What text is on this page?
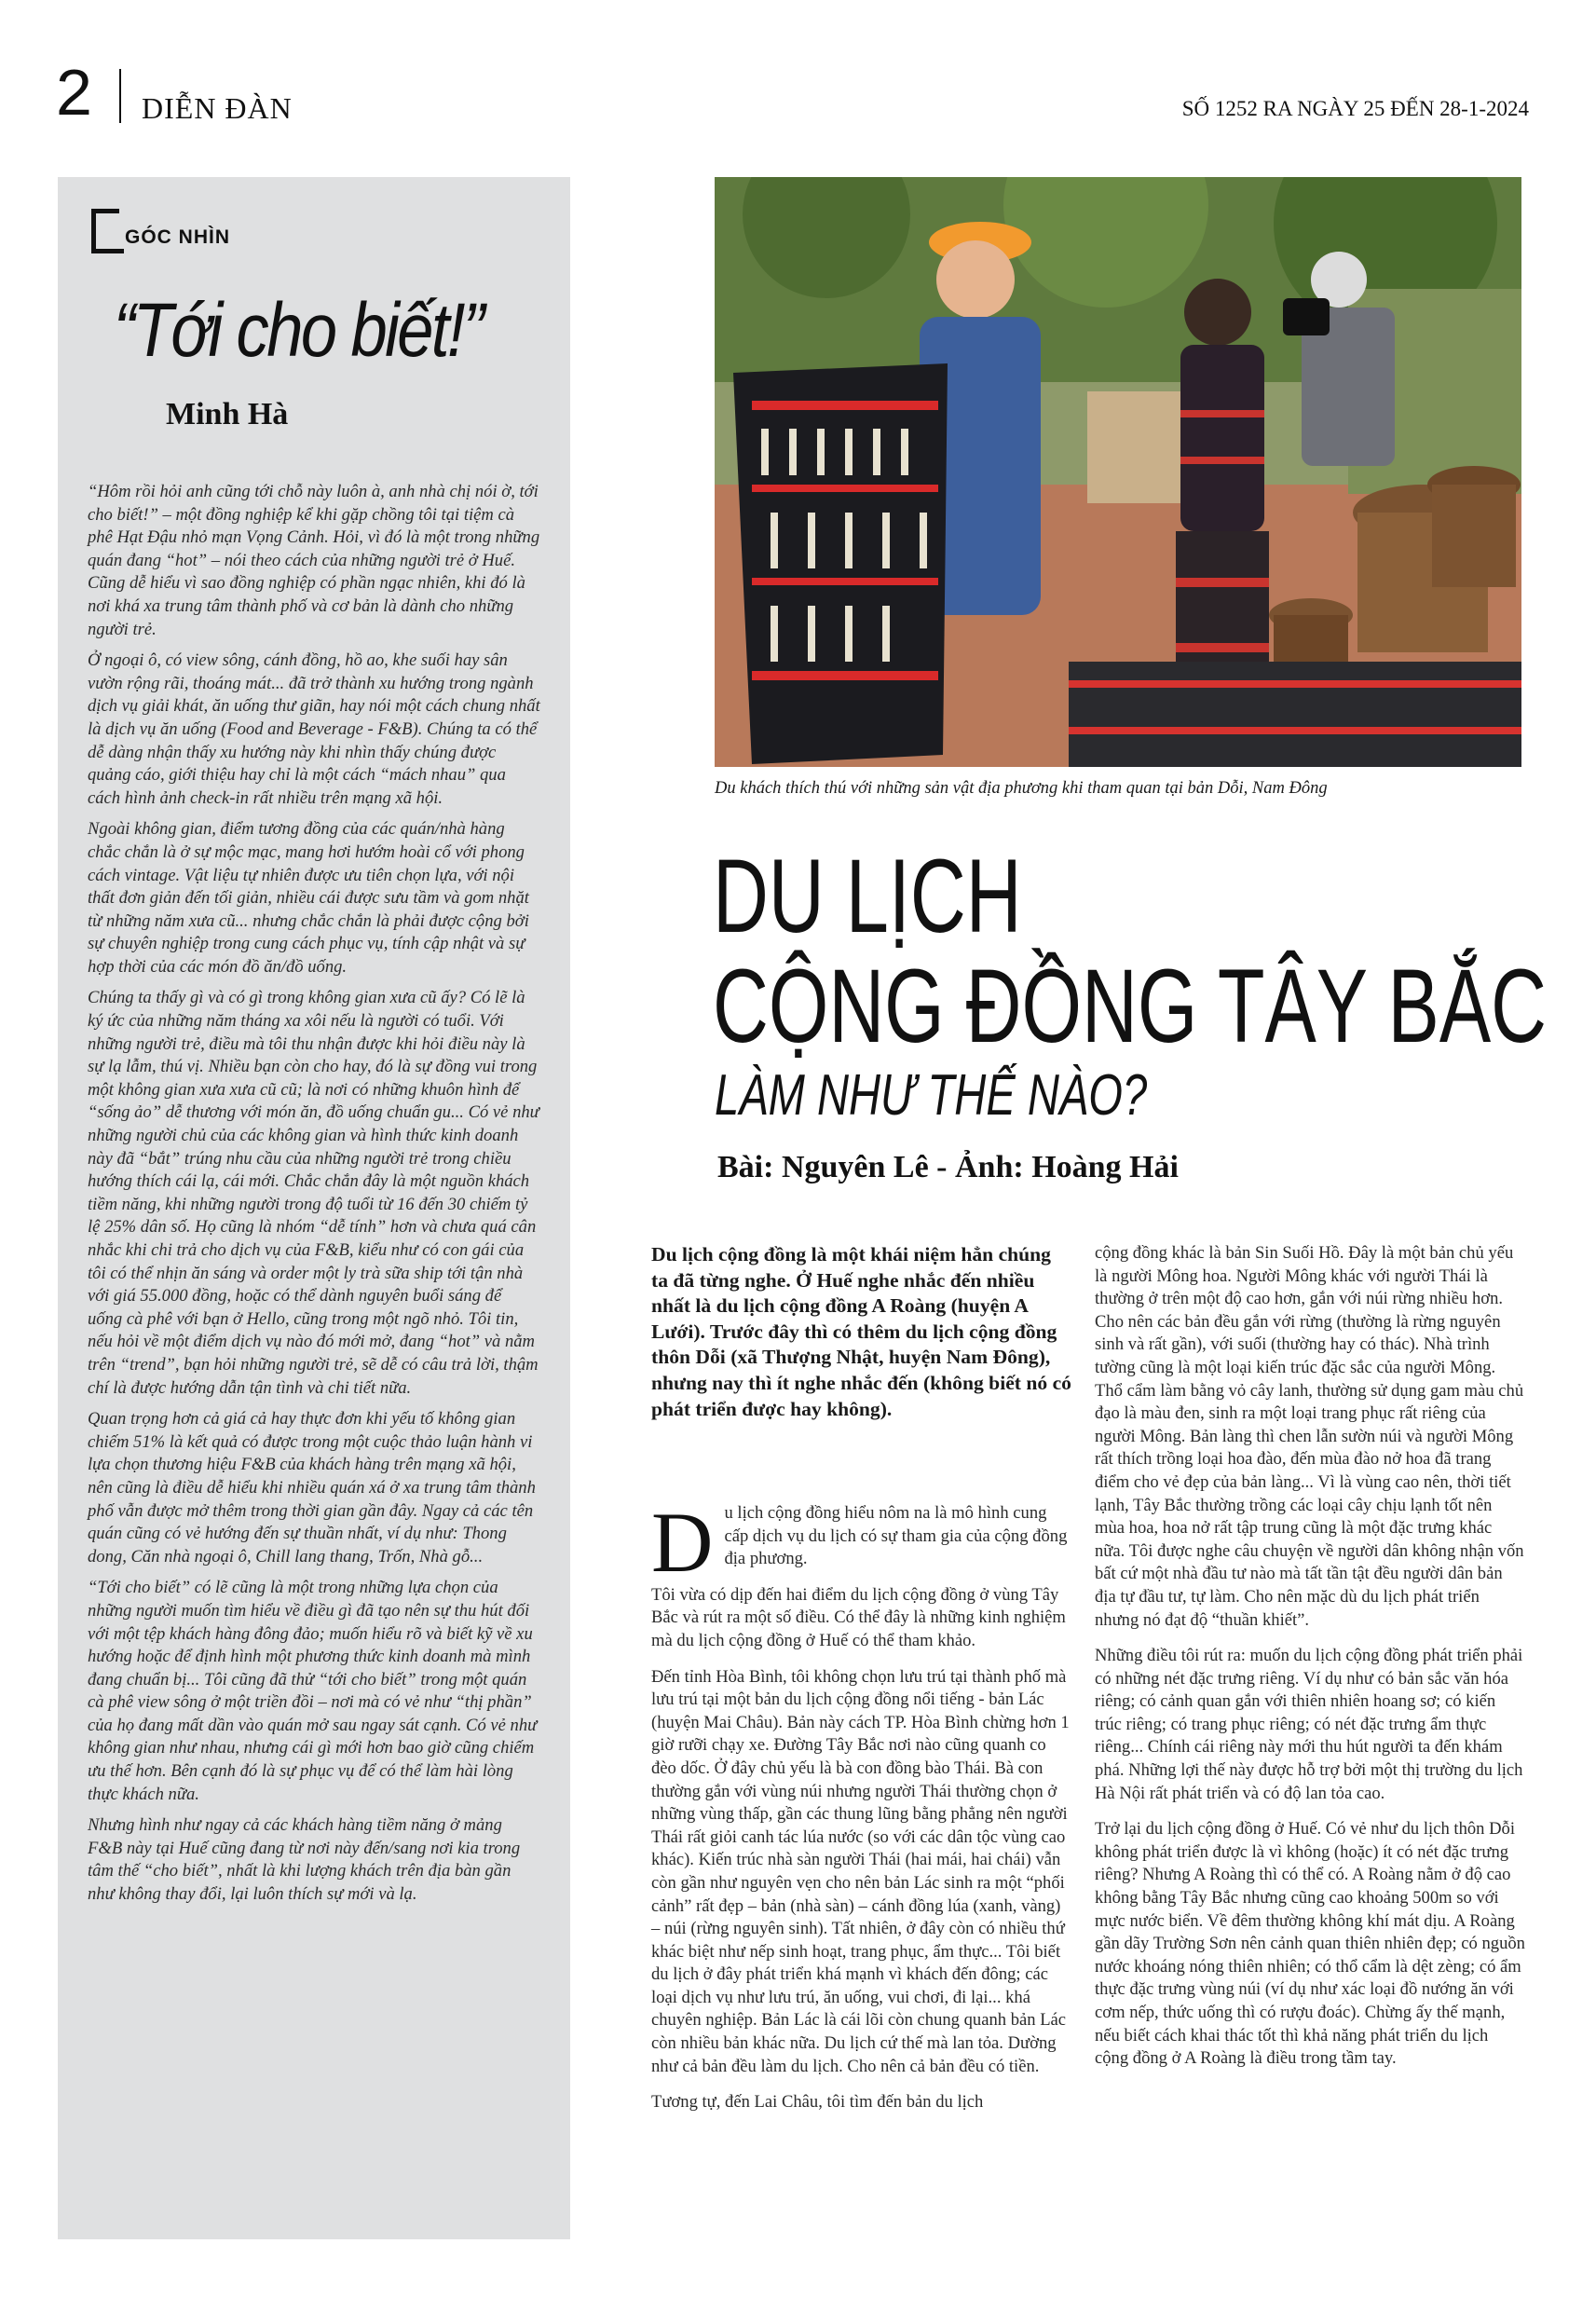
2 DIỄN ĐÀN	SỐ 1252 RA NGÀY 25 ĐẾN 28-1-2024
GÓC NHÌN
“Tới cho biết!”
Minh Hà

“Hôm rồi hỏi anh cũng tới chỗ này luôn à, anh nhà chị nói ờ, tới cho biết!” – một đồng nghiệp kể khi gặp chồng tôi tại tiệm cà phê Hạt Đậu nhỏ mạn Vọng Cảnh. Hỏi, vì đó là một trong những quán đang “hot” – nói theo cách của những người trẻ ở Huế. Cũng dễ hiểu vì sao đồng nghiệp có phần ngạc nhiên, khi đó là nơi khá xa trung tâm thành phố và cơ bản là dành cho những người trẻ.

Ở ngoại ô, có view sông, cánh đồng, hồ ao, khe suối hay sân vườn rộng rãi, thoáng mát... đã trở thành xu hướng trong ngành dịch vụ giải khát, ăn uống thư giãn, hay nói một cách chung nhất là dịch vụ ăn uống (Food and Beverage - F&B). Chúng ta có thể dễ dàng nhận thấy xu hướng này khi nhìn thấy chúng được quảng cáo, giới thiệu hay chỉ là một cách “mách nhau” qua cách hình ảnh check-in rất nhiều trên mạng xã hội.

Ngoài không gian, điểm tương đồng của các quán/nhà hàng chắc chắn là ở sự mộc mạc, mang hơi hướm hoài cổ với phong cách vintage. Vật liệu tự nhiên được ưu tiên chọn lựa, với nội thất đơn giản đến tối giản, nhiều cái được sưu tầm và gom nhặt từ những năm xưa cũ... nhưng chắc chắn là phải được cộng bởi sự chuyên nghiệp trong cung cách phục vụ, tính cập nhật và sự hợp thời của các món đồ ăn/đồ uống.

Chúng ta thấy gì và có gì trong không gian xưa cũ ấy? Có lẽ là ký ức của những năm tháng xa xôi nếu là người có tuổi. Với những người trẻ, điều mà tôi thu nhận được khi hỏi điều này là sự lạ lẫm, thú vị. Nhiều bạn còn cho hay, đó là sự đồng vui trong một không gian xưa xưa cũ cũ; là nơi có những khuôn hình để “sống ảo” dễ thương với món ăn, đồ uống chuẩn gu... Có vẻ như những người chủ của các không gian và hình thức kinh doanh này đã “bắt” trúng nhu cầu của những người trẻ trong chiều hướng thích cái lạ, cái mới. Chắc chắn đây là một nguồn khách tiềm năng, khi những người trong độ tuổi từ 16 đến 30 chiếm tỷ lệ 25% dân số. Họ cũng là nhóm “dễ tính” hơn và chưa quá cân nhắc khi chi trả cho dịch vụ của F&B, kiểu như có con gái của tôi có thể nhịn ăn sáng và order một ly trà sữa ship tới tận nhà với giá 55.000 đồng, hoặc có thể dành nguyên buổi sáng để uống cà phê với bạn ở Hello, cũng trong một ngõ nhỏ. Tôi tin, nếu hỏi về một điểm dịch vụ nào đó mới mở, đang “hot” và nằm trên “trend”, bạn hỏi những người trẻ, sẽ dễ có câu trả lời, thậm chí là được hướng dẫn tận tình và chi tiết nữa.

Quan trọng hơn cả giá cả hay thực đơn khi yếu tố không gian chiếm 51% là kết quả có được trong một cuộc thảo luận hành vi lựa chọn thương hiệu F&B của khách hàng trên mạng xã hội, nên cũng là điều dễ hiểu khi nhiều quán xá ở xa trung tâm thành phố vẫn được mở thêm trong thời gian gần đây. Ngay cả các tên quán cũng có vẻ hướng đến sự thuần nhất, ví dụ như: Thong dong, Căn nhà ngoại ô, Chill lang thang, Trốn, Nhà gỗ...

“Tới cho biết” có lẽ cũng là một trong những lựa chọn của những người muốn tìm hiểu về điều gì đã tạo nên sự thu hút đối với một tệp khách hàng đông đảo; muốn hiểu rõ và biết kỹ về xu hướng hoặc để định hình một phương thức kinh doanh mà mình đang chuẩn bị... Tôi cũng đã thử “tới cho biết” trong một quán cà phê view sông ở một triền đồi – nơi mà có vẻ như “thị phần” của họ đang mất dần vào quán mở sau ngay sát cạnh. Có vẻ như không gian như nhau, nhưng cái gì mới hơn bao giờ cũng chiếm ưu thế hơn. Bên cạnh đó là sự phục vụ để có thể làm hài lòng thực khách nữa.

Nhưng hình như ngay cả các khách hàng tiềm năng ở mảng F&B này tại Huế cũng đang từ nơi này đến/sang nơi kia trong tâm thế “cho biết”, nhất là khi lượng khách trên địa bàn gần như không thay đổi, lại luôn thích sự mới và lạ.

Du khách thích thú với những sản vật địa phương khi tham quan tại bản Dỗi, Nam Đông
DU LỊCH
CỘNG ĐỒNG TÂY BẮC
LÀM NHƯ THẾ NÀO?
Bài: Nguyên Lê - Ảnh: Hoàng Hải
Du lịch cộng đồng là một khái niệm hẳn chúng ta đã từng nghe. Ở Huế nghe nhắc đến nhiều nhất là du lịch cộng đồng A Roàng (huyện A Lưới). Trước đây thì có thêm du lịch cộng đồng thôn Dỗi (xã Thượng Nhật, huyện Nam Đông), nhưng nay thì ít nghe nhắc đến (không biết nó có phát triển được hay không).

Du lịch cộng đồng hiểu nôm na là mô hình cung cấp dịch vụ du lịch có sự tham gia của cộng đồng địa phương.

Tôi vừa có dịp đến hai điểm du lịch cộng đồng ở vùng Tây Bắc và rút ra một số điều. Có thể đây là những kinh nghiệm mà du lịch cộng đồng ở Huế có thể tham khảo.

Đến tỉnh Hòa Bình, tôi không chọn lưu trú tại thành phố mà lưu trú tại một bản du lịch cộng đồng nổi tiếng - bản Lác (huyện Mai Châu). Bản này cách TP. Hòa Bình chừng hơn 1 giờ rưỡi chạy xe. Đường Tây Bắc nơi nào cũng quanh co đèo dốc. Ở đây chủ yếu là bà con đồng bào Thái. Bà con thường gắn với vùng núi nhưng người Thái thường chọn ở những vùng thấp, gần các thung lũng bằng phẳng nên người Thái rất giỏi canh tác lúa nước (so với các dân tộc vùng cao khác). Kiến trúc nhà sàn người Thái (hai mái, hai chái) vẫn còn gần như nguyên vẹn cho nên bản Lác sinh ra một “phối cảnh” rất đẹp – bản (nhà sàn) – cánh đồng lúa (xanh, vàng) – núi (rừng nguyên sinh). Tất nhiên, ở đây còn có nhiều thứ khác biệt như nếp sinh hoạt, trang phục, ẩm thực... Tôi biết du lịch ở đây phát triển khá mạnh vì khách đến đông; các loại dịch vụ như lưu trú, ăn uống, vui chơi, đi lại... khá chuyên nghiệp. Bản Lác là cái lõi còn chung quanh bản Lác còn nhiều bản khác nữa. Du lịch cứ thế mà lan tỏa. Dường như cả bản đều làm du lịch. Cho nên cả bản đều có tiền.

Tương tự, đến Lai Châu, tôi tìm đến bản du lịch

cộng đồng khác là bản Sin Suối Hồ. Đây là một bản chủ yếu là người Mông hoa. Người Mông khác với người Thái là thường ở trên một độ cao hơn, gắn với núi rừng nhiều hơn. Cho nên các bản đều gắn với rừng (thường là rừng nguyên sinh và rất gần), với suối (thường hay có thác). Nhà trình tường cũng là một loại kiến trúc đặc sắc của người Mông. Thổ cẩm làm bằng vỏ cây lanh, thường sử dụng gam màu chủ đạo là màu đen, sinh ra một loại trang phục rất riêng của người Mông. Bản làng thì chen lẫn sườn núi và người Mông rất thích trồng loại hoa đào, đến mùa đào nở hoa đã trang điểm cho vẻ đẹp của bản làng... Vì là vùng cao nên, thời tiết lạnh, Tây Bắc thường trồng các loại cây chịu lạnh tốt nên mùa hoa, hoa nở rất tập trung cũng là một đặc trưng khác nữa. Tôi được nghe câu chuyện về người dân không nhận vốn bất cứ một nhà đầu tư nào mà tất tần tật đều người dân bản địa tự đầu tư, tự làm. Cho nên mặc dù du lịch phát triển nhưng nó đạt độ “thuần khiết”.

Những điều tôi rút ra: muốn du lịch cộng đồng phát triển phải có những nét đặc trưng riêng. Ví dụ như có bản sắc văn hóa riêng; có cảnh quan gắn với thiên nhiên hoang sơ; có kiến trúc riêng; có trang phục riêng; có nét đặc trưng ẩm thực riêng... Chính cái riêng này mới thu hút người ta đến khám phá. Những lợi thế này được hỗ trợ bởi một thị trường du lịch Hà Nội rất phát triển và có độ lan tỏa cao.

Trở lại du lịch cộng đồng ở Huế. Có vẻ như du lịch thôn Dỗi không phát triển được là vì không (hoặc) ít có nét đặc trưng riêng? Nhưng A Roàng thì có thể có. A Roàng nằm ở độ cao không bằng Tây Bắc nhưng cũng cao khoảng 500m so với mực nước biển. Về đêm thường không khí mát dịu. A Roàng gần dãy Trường Sơn nên cảnh quan thiên nhiên đẹp; có nguồn nước khoáng nóng thiên nhiên; có thổ cẩm là dệt zèng; có ẩm thực đặc trưng vùng núi (ví dụ như xác loại đồ nướng ăn với cơm nếp, thức uống thì có rượu đoác). Chừng ấy thế mạnh, nếu biết cách khai thác tốt thì khả năng phát triển du lịch cộng đồng ở A Roàng là điều trong tầm tay.
